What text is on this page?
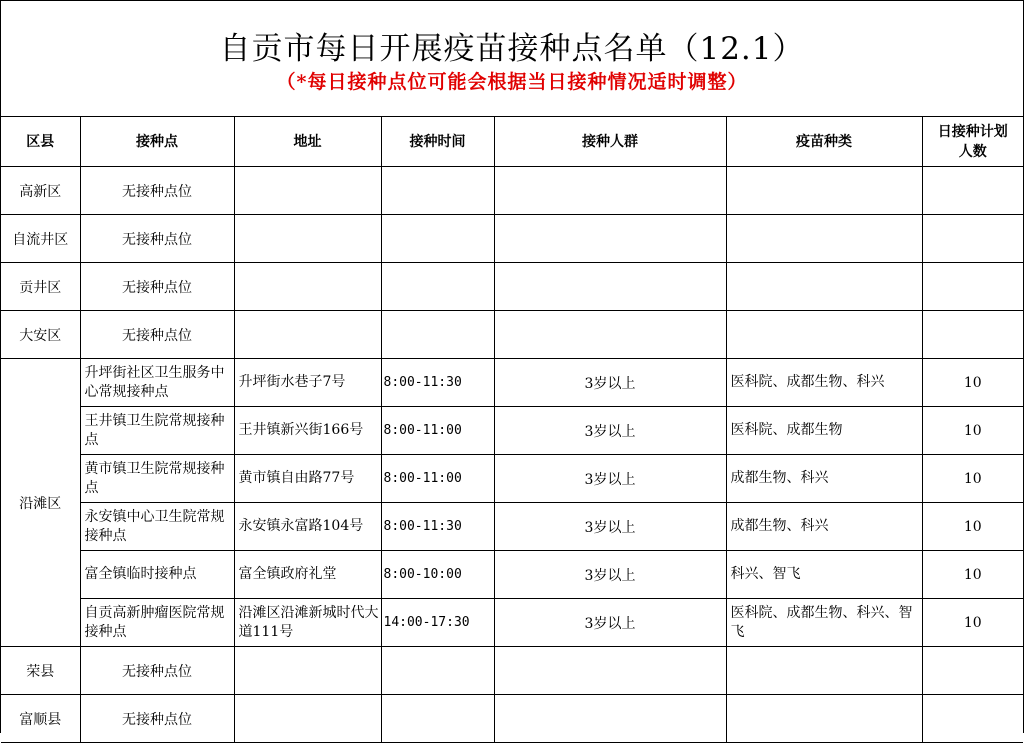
自贡市每日开展疫苗接种点名单（12.1）
（*每日接种点位可能会根据当日接种情况适时调整）
区县	接种点	地址	接种时间	接种人群	疫苗种类	日接种计划
人数
高新区	无接种点位					
自流井区	无接种点位					
贡井区	无接种点位					
大安区	无接种点位					
沿滩区	升坪街社区卫生服务中心常规接种点	升坪街水巷子7号	8:00-11:30	3岁以上	医科院、成都生物、科兴	10
	王井镇卫生院常规接种点	王井镇新兴街166号	8:00-11:00	3岁以上	医科院、成都生物	10
	黄市镇卫生院常规接种点	黄市镇自由路77号	8:00-11:00	3岁以上	成都生物、科兴	10
	永安镇中心卫生院常规接种点	永安镇永富路104号	8:00-11:30	3岁以上	成都生物、科兴	10
	富全镇临时接种点	富全镇政府礼堂	8:00-10:00	3岁以上	科兴、智飞	10
	自贡高新肿瘤医院常规接种点	沿滩区沿滩新城时代大道111号	14:00-17:30	3岁以上	医科院、成都生物、科兴、智飞	10
荣县	无接种点位					
富顺县	无接种点位					
